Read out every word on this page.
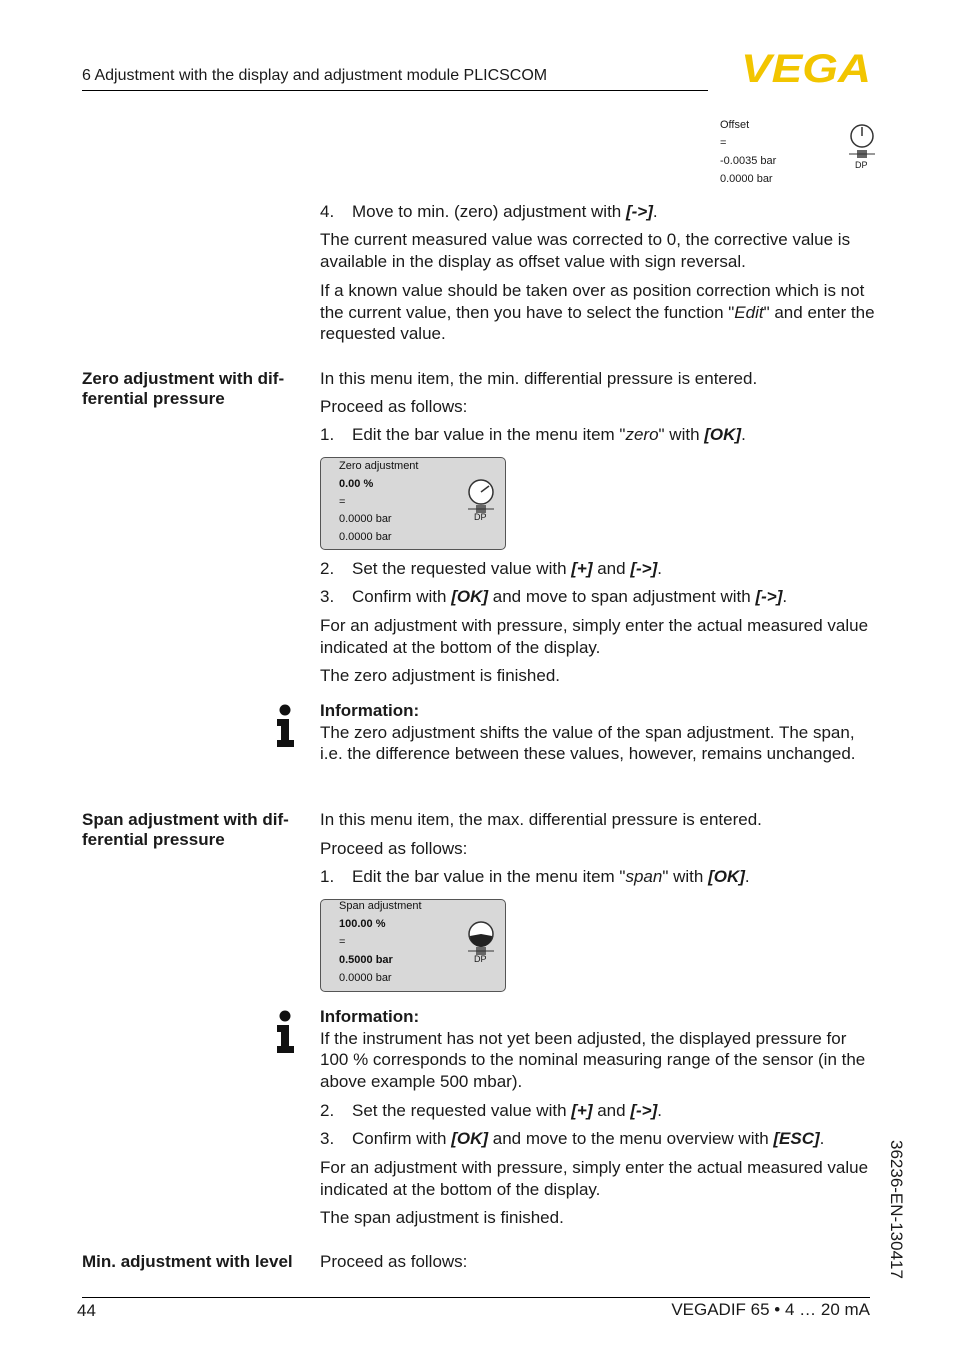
6 Adjustment with the display and adjustment module PLICSCOM	VEGA
Offset
=
-0.0035 bar
0.0000 bar
DP
4. Move to min. (zero) adjustment with [->].
The current measured value was corrected to 0, the corrective value is available in the display as offset value with sign reversal.
If a known value should be taken over as position correction which is not the current value, then you have to select the function "Edit" and enter the requested value.
Zero adjustment with dif-
ferential pressure
In this menu item, the min. differential pressure is entered.
Proceed as follows:
1. Edit the bar value in the menu item "zero" with [OK].
Zero adjustment
0.00 %
=
0.0000 bar
0.0000 bar
DP
2. Set the requested value with [+] and [->].
3. Confirm with [OK] and move to span adjustment with [->].
For an adjustment with pressure, simply enter the actual measured value indicated at the bottom of the display.
The zero adjustment is finished.
Information:
The zero adjustment shifts the value of the span adjustment. The span, i.e. the difference between these values, however, remains unchanged.
Span adjustment with dif-
ferential pressure
In this menu item, the max. differential pressure is entered.
Proceed as follows:
1. Edit the bar value in the menu item "span" with [OK].
Span adjustment
100.00 %
=
0.5000 bar
0.0000 bar
DP
Information:
If the instrument has not yet been adjusted, the displayed pressure for 100 % corresponds to the nominal measuring range of the sensor (in the above example 500 mbar).
2. Set the requested value with [+] and [->].
3. Confirm with [OK] and move to the menu overview with [ESC].
For an adjustment with pressure, simply enter the actual measured value indicated at the bottom of the display.
The span adjustment is finished.
Min. adjustment with level	Proceed as follows:	36236-EN-130417
44	VEGADIF 65 • 4 … 20 mA
